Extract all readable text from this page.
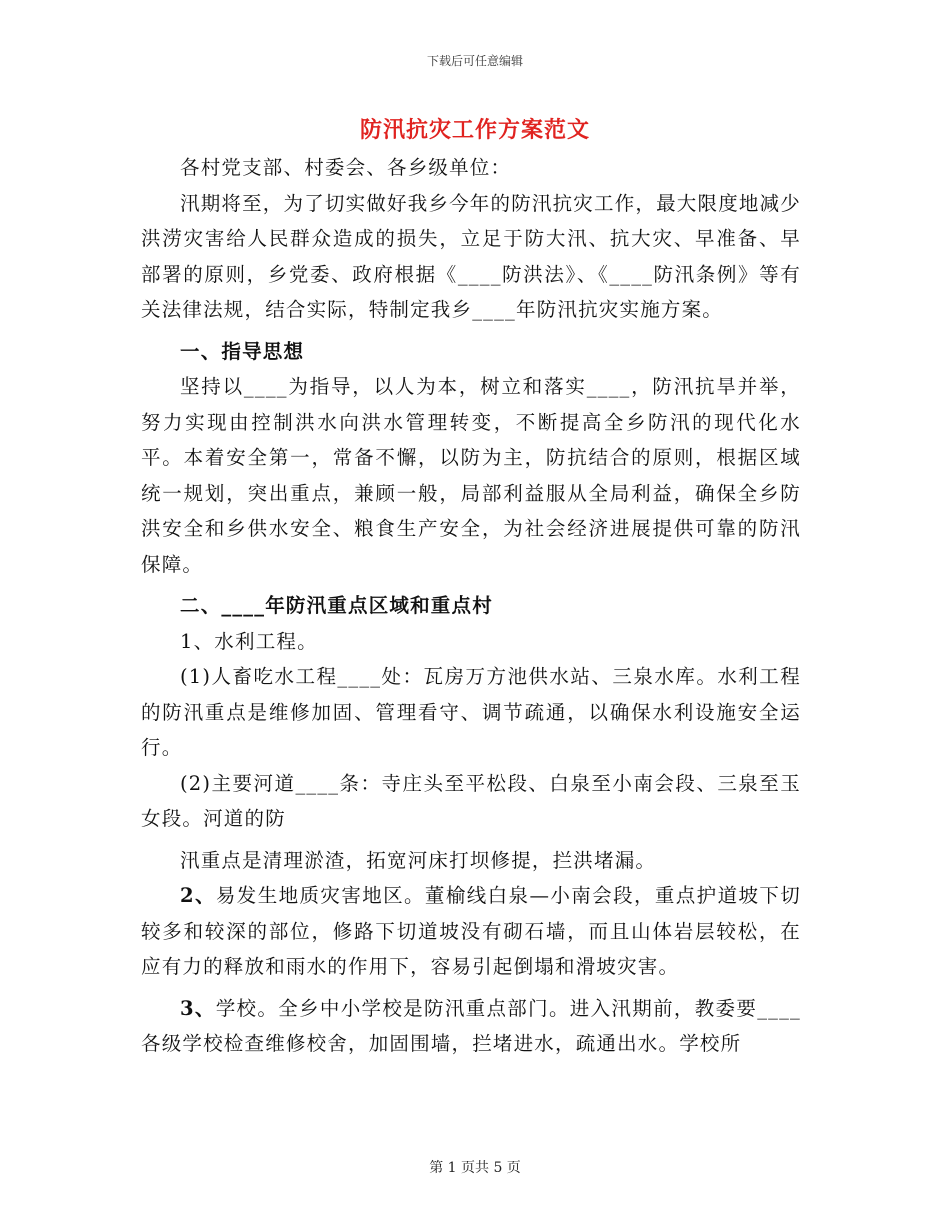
下载后可任意编辑
防汛抗灾工作方案范文

各村党支部、村委会、各乡级单位：

汛期将至，为了切实做好我乡今年的防汛抗灾工作，最大限度地减少洪涝灾害给人民群众造成的损失，立足于防大汛、抗大灾、早准备、早部署的原则，乡党委、政府根据《____防洪法》、《____防汛条例》等有关法律法规，结合实际，特制定我乡____年防汛抗灾实施方案。

一、指导思想

坚持以____为指导，以人为本，树立和落实____，防汛抗旱并举，努力实现由控制洪水向洪水管理转变，不断提高全乡防汛的现代化水平。本着安全第一，常备不懈，以防为主，防抗结合的原则，根据区域统一规划，突出重点，兼顾一般，局部利益服从全局利益，确保全乡防洪安全和乡供水安全、粮食生产安全，为社会经济进展提供可靠的防汛保障。

二、____年防汛重点区域和重点村

1、水利工程。

(1)人畜吃水工程____处：瓦房万方池供水站、三泉水库。水利工程的防汛重点是维修加固、管理看守、调节疏通，以确保水利设施安全运行。

(2)主要河道____条：寺庄头至平松段、白泉至小南会段、三泉至玉女段。河道的防

汛重点是清理淤渣，拓宽河床打坝修提，拦洪堵漏。

2、易发生地质灾害地区。董榆线白泉—小南会段，重点护道坡下切较多和较深的部位，修路下切道坡没有砌石墙，而且山体岩层较松，在应有力的释放和雨水的作用下，容易引起倒塌和滑坡灾害。

3、学校。全乡中小学校是防汛重点部门。进入汛期前，教委要____各级学校检查维修校舍，加固围墙，拦堵进水，疏通出水。学校所

第 1 页共 5 页
